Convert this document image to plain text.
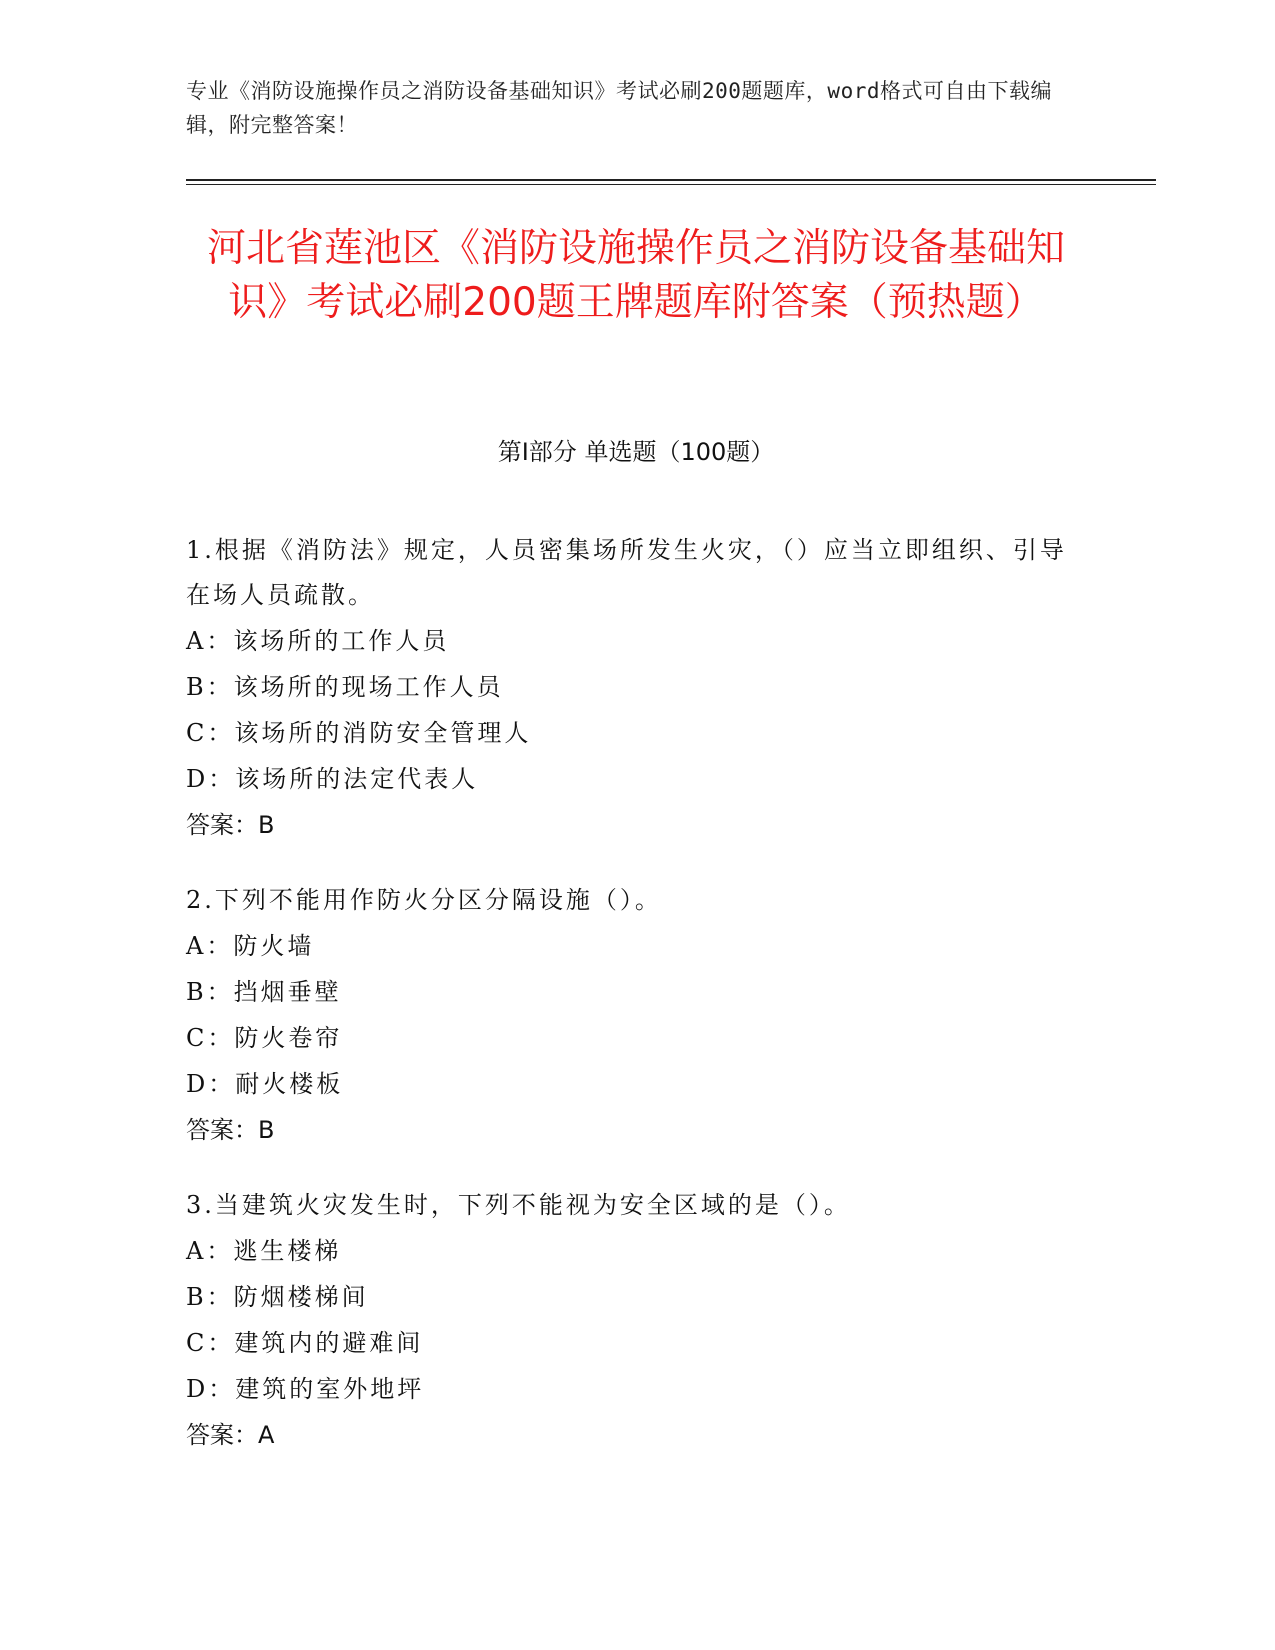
专业《消防设施操作员之消防设备基础知识》考试必刷200题题库，word格式可自由下载编辑，附完整答案！
河北省莲池区《消防设施操作员之消防设备基础知识》考试必刷200题王牌题库附答案（预热题）
第I部分 单选题（100题）
1.根据《消防法》规定，人员密集场所发生火灾，（）应当立即组织、引导在场人员疏散。
A：该场所的工作人员
B：该场所的现场工作人员
C：该场所的消防安全管理人
D：该场所的法定代表人
答案：B
2.下列不能用作防火分区分隔设施（）。
A：防火墙
B：挡烟垂壁
C：防火卷帘
D：耐火楼板
答案：B
3.当建筑火灾发生时，下列不能视为安全区域的是（）。
A：逃生楼梯
B：防烟楼梯间
C：建筑内的避难间
D：建筑的室外地坪
答案：A
